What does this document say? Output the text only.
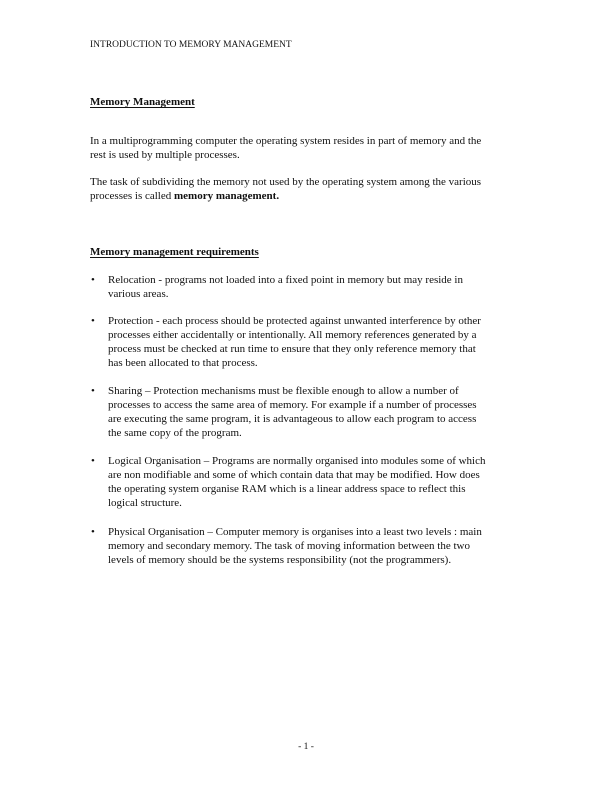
INTRODUCTION TO MEMORY MANAGEMENT
Memory Management
In a multiprogramming computer the operating system resides in part of memory and the
rest is used by multiple processes.
The task of subdividing the memory not used by the operating system among the various
processes is called memory management.
Memory management requirements
• Relocation - programs not loaded into a fixed point in memory but may reside in
various areas.
• Protection - each process should be protected against unwanted interference by other
processes either accidentally or intentionally. All memory references generated by a
process must be checked at run time to ensure that they only reference memory that
has been allocated to that process.
• Sharing – Protection mechanisms must be flexible enough to allow a number of
processes to access the same area of memory. For example if a number of processes
are executing the same program, it is advantageous to allow each program to access
the same copy of the program.
• Logical Organisation – Programs are normally organised into modules some of which
are non modifiable and some of which contain data that may be modified. How does
the operating system organise RAM which is a linear address space to reflect this
logical structure.
• Physical Organisation – Computer memory is organises into a least two levels : main
memory and secondary memory. The task of moving information between the two
levels of memory should be the systems responsibility (not the programmers).
- 1 -
